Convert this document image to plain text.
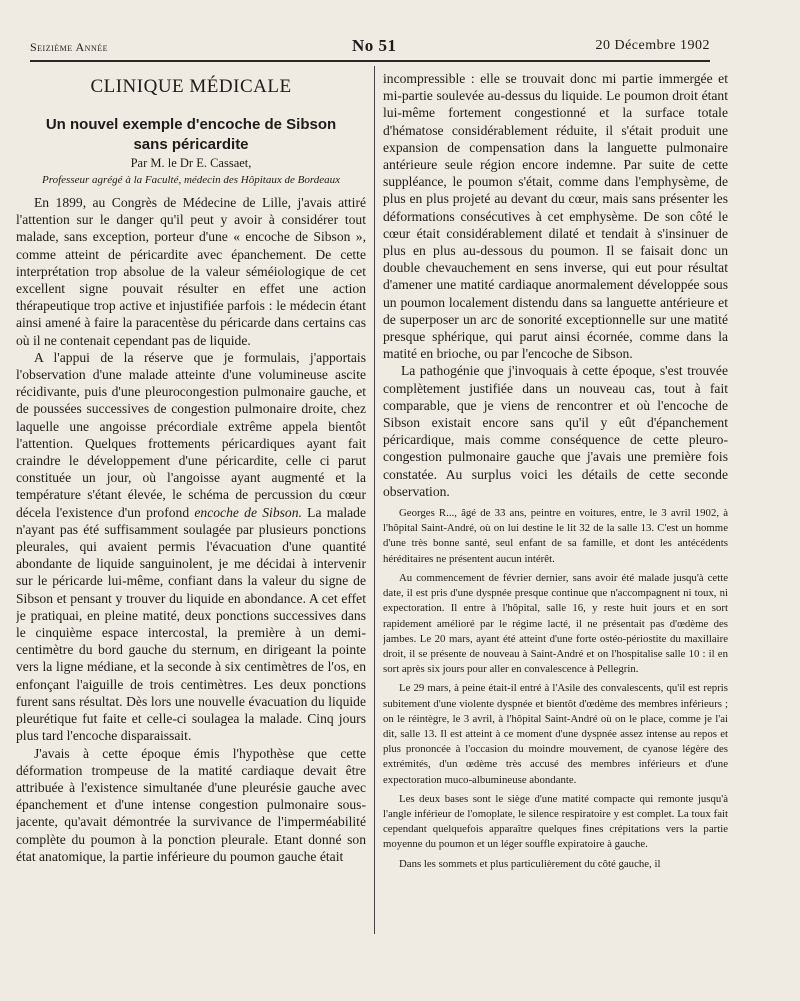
Seizième Année	No 51	20 Décembre 1902
CLINIQUE MÉDICALE
Un nouvel exemple d'encoche de Sibson
sans péricardite
Par M. le Dr E. Cassaet,
Professeur agrégé à la Faculté, médecin des Hôpitaux de Bordeaux

En 1899, au Congrès de Médecine de Lille, j'avais attiré l'attention sur le danger qu'il peut y avoir à considérer tout malade, sans exception, porteur d'une « encoche de Sibson », comme atteint de péricardite avec épanchement. De cette interprétation trop absolue de la valeur séméiologique de cet excellent signe pouvait résulter en effet une action thérapeutique trop active et injustifiée parfois : le médecin étant ainsi amené à faire la paracentèse du péricarde dans certains cas où il ne contenait cependant pas de liquide.

A l'appui de la réserve que je formulais, j'apportais l'observation d'une malade atteinte d'une volumineuse ascite récidivante, puis d'une pleurocongestion pulmonaire gauche, et de poussées successives de congestion pulmonaire droite, chez laquelle une angoisse précordiale extrême appela bientôt l'attention. Quelques frottements péricardiques ayant fait craindre le développement d'une péricardite, celle ci parut constituée un jour, où l'angoisse ayant augmenté et la température s'étant élevée, le schéma de percussion du cœur décela l'existence d'un profond encoche de Sibson. La malade n'ayant pas été suffisamment soulagée par plusieurs ponctions pleurales, qui avaient permis l'évacuation d'une quantité abondante de liquide sanguinolent, je me décidai à intervenir sur le péricarde lui-même, confiant dans la valeur du signe de Sibson et pensant y trouver du liquide en abondance. A cet effet je pratiquai, en pleine matité, deux ponctions successives dans le cinquième espace intercostal, la première à un demi-centimètre du bord gauche du sternum, en dirigeant la pointe vers la ligne médiane, et la seconde à six centimètres de l'os, en enfonçant l'aiguille de trois centimètres. Les deux ponctions furent sans résultat. Dès lors une nouvelle évacuation du liquide pleurétique fut faite et celle-ci soulagea la malade. Cinq jours plus tard l'encoche disparaissait.

J'avais à cette époque émis l'hypothèse que cette déformation trompeuse de la matité cardiaque devait être attribuée à l'existence simultanée d'une pleurésie gauche avec épanchement et d'une intense congestion pulmonaire sous-jacente, qu'avait démontrée la survivance de l'imperméabilité complète du poumon à la ponction pleurale. Etant donné son état anatomique, la partie inférieure du poumon gauche était

incompressible : elle se trouvait donc mi partie immergée et mi-partie soulevée au-dessus du liquide. Le poumon droit étant lui-même fortement congestionné et la surface totale d'hématose considérablement réduite, il s'était produit une expansion de compensation dans la languette pulmonaire antérieure seule région encore indemne. Par suite de cette suppléance, le poumon s'était, comme dans l'emphysème, de plus en plus projeté au devant du cœur, mais sans présenter les déformations consécutives à cet emphysème. De son côté le cœur était considérablement dilaté et tendait à s'insinuer de plus en plus au-dessous du poumon. Il se faisait donc un double chevauchement en sens inverse, qui eut pour résultat d'amener une matité cardiaque anormalement développée sous un poumon localement distendu dans sa languette antérieure et de superposer un arc de sonorité exceptionnelle sur une matité presque sphérique, qui parut ainsi écornée, comme dans la matité en brioche, ou par l'encoche de Sibson.

La pathogénie que j'invoquais à cette époque, s'est trouvée complètement justifiée dans un nouveau cas, tout à fait comparable, que je viens de rencontrer et où l'encoche de Sibson existait encore sans qu'il y eût d'épanchement péricardique, mais comme conséquence de cette pleuro-congestion pulmonaire gauche que j'avais une première fois constatée. Au surplus voici les détails de cette seconde observation.

Georges R..., âgé de 33 ans, peintre en voitures, entre, le 3 avril 1902, à l'hôpital Saint-André, où on lui destine le lit 32 de la salle 13. C'est un homme d'une très bonne santé, seul enfant de sa famille, et dont les antécédents héréditaires ne présentent aucun intérêt.

Au commencement de février dernier, sans avoir été malade jusqu'à cette date, il est pris d'une dyspnée presque continue que n'accompagnent ni toux, ni expectoration. Il entre à l'hôpital, salle 16, y reste huit jours et en sort rapidement amélioré par le régime lacté, il ne présentait pas d'œdème des jambes. Le 20 mars, ayant été atteint d'une forte ostéo-périostite du maxillaire droit, il se présente de nouveau à Saint-André et on l'hospitalise salle 10 : il en sort après six jours pour aller en convalescence à Pellegrin.

Le 29 mars, à peine était-il entré à l'Asile des convalescents, qu'il est repris subitement d'une violente dyspnée et bientôt d'œdème des membres inférieurs ; on le réintègre, le 3 avril, à l'hôpital Saint-André où on le place, comme je l'ai dit, salle 13. Il est atteint à ce moment d'une dyspnée assez intense au repos et plus prononcée à l'occasion du moindre mouvement, de cyanose légère des extrémités, d'un œdème très accusé des membres inférieurs et d'une expectoration muco-albumineuse abondante.

Les deux bases sont le siège d'une matité compacte qui remonte jusqu'à l'angle inférieur de l'omoplate, le silence respiratoire y est complet. La toux fait cependant quelquefois apparaître quelques fines crépitations vers la partie moyenne du poumon et un léger souffle expiratoire à gauche.

Dans les sommets et plus particulièrement du côté gauche, il
